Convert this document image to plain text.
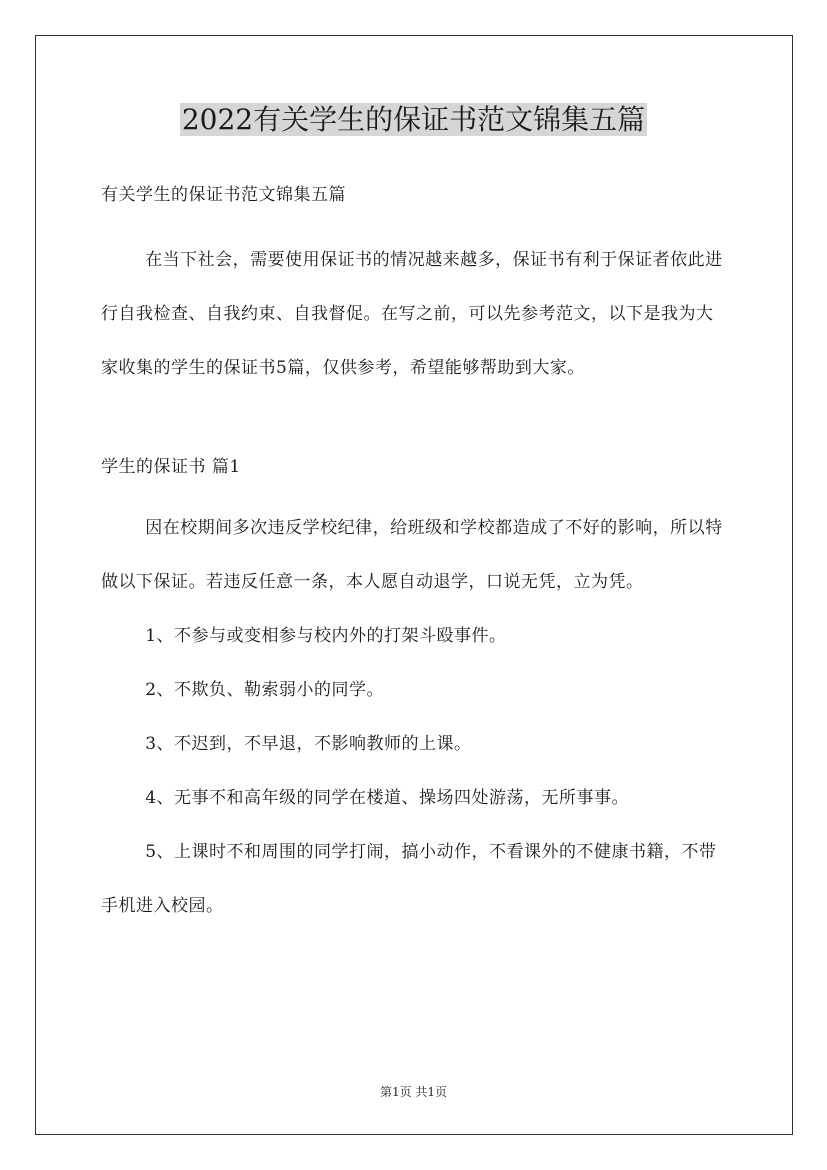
2022有关学生的保证书范文锦集五篇

有关学生的保证书范文锦集五篇

在当下社会，需要使用保证书的情况越来越多，保证书有利于保证者依此进行自我检查、自我约束、自我督促。在写之前，可以先参考范文，以下是我为大家收集的学生的保证书5篇，仅供参考，希望能够帮助到大家。

学生的保证书 篇1

因在校期间多次违反学校纪律，给班级和学校都造成了不好的影响，所以特做以下保证。若违反任意一条，本人愿自动退学，口说无凭，立为凭。

1、不参与或变相参与校内外的打架斗殴事件。

2、不欺负、勒索弱小的同学。

3、不迟到，不早退，不影响教师的上课。

4、无事不和高年级的同学在楼道、操场四处游荡，无所事事。

5、上课时不和周围的同学打闹，搞小动作，不看课外的不健康书籍，不带手机进入校园。

第1页 共1页
